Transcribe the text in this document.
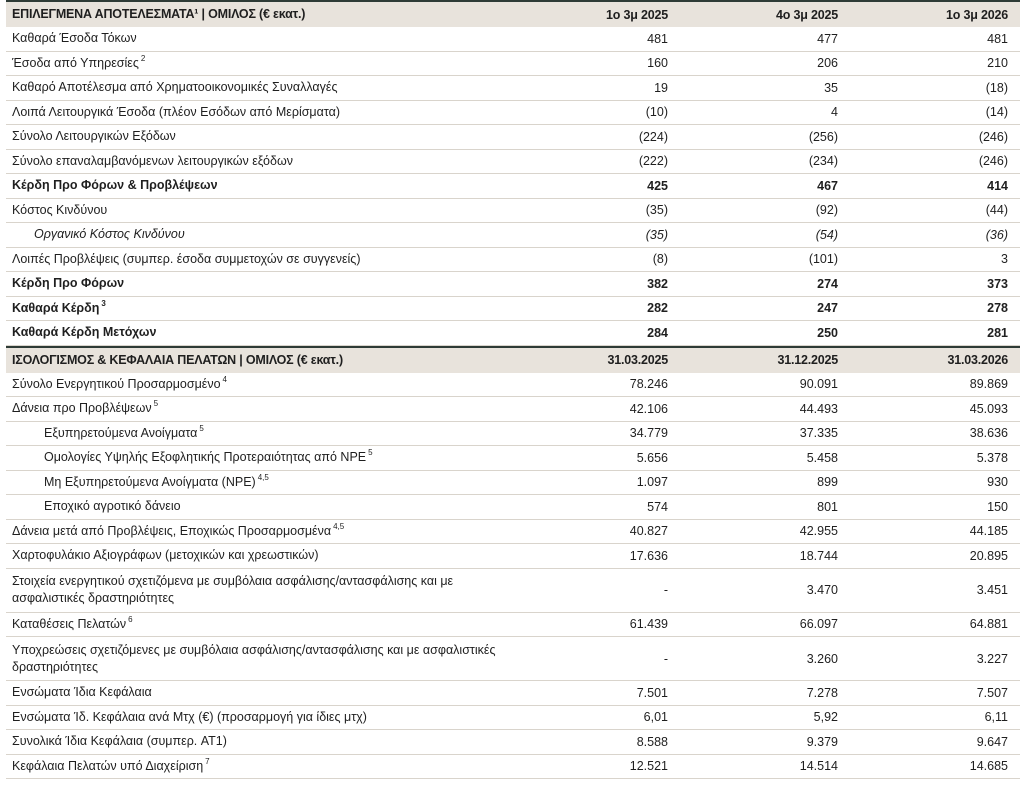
ΕΠΙΛΕΓΜΕΝΑ ΑΠΟΤΕΛΕΣΜΑΤΑ¹ | ΟΜΙΛΟΣ (€ εκατ.)	1ο 3μ 2025	4ο 3μ 2025	1ο 3μ 2026
Καθαρά Έσοδα Τόκων	481	477	481
Έσοδα από Υπηρεσίες $^2$	160	206	210
Καθαρό Αποτέλεσμα από Χρηματοοικονομικές Συναλλαγές	19	35	(18)
Λοιπά Λειτουργικά Έσοδα (πλέον Εσόδων από Μερίσματα)	(10)	4	(14)
Σύνολο Λειτουργικών Εξόδων	(224)	(256)	(246)
Σύνολο επαναλαμβανόμενων λειτουργικών εξόδων	(222)	(234)	(246)
Κέρδη Προ Φόρων & Προβλέψεων	425	467	414
Κόστος Κινδύνου	(35)	(92)	(44)
Οργανικό Κόστος Κινδύνου	(35)	(54)	(36)
Λοιπές Προβλέψεις (συμπερ. έσοδα συμμετοχών σε συγγενείς)	(8)	(101)	3
Κέρδη Προ Φόρων	382	274	373
Καθαρά Κέρδη $^3$	282	247	278
Καθαρά Κέρδη Μετόχων	284	250	281
ΙΣΟΛΟΓΙΣΜΟΣ & ΚΕΦΑΛΑΙΑ ΠΕΛΑΤΩΝ | ΟΜΙΛΟΣ (€ εκατ.)	31.03.2025	31.12.2025	31.03.2026
Σύνολο Ενεργητικού Προσαρμοσμένο $^4$	78.246	90.091	89.869
Δάνεια προ Προβλέψεων $^5$	42.106	44.493	45.093
Εξυπηρετούμενα Ανοίγματα $^5$	34.779	37.335	38.636
Ομολογίες Υψηλής Εξοφλητικής Προτεραιότητας από NPE $^5$	5.656	5.458	5.378
Μη Εξυπηρετούμενα Ανοίγματα (NPE) $^{4,5}$	1.097	899	930
Εποχικό αγροτικό δάνειο	574	801	150
Δάνεια μετά από Προβλέψεις, Εποχικώς Προσαρμοσμένα $^{4,5}$	40.827	42.955	44.185
Χαρτοφυλάκιο Αξιογράφων (μετοχικών και χρεωστικών)	17.636	18.744	20.895
Στοιχεία ενεργητικού σχετιζόμενα με συμβόλαια ασφάλισης/αντασφάλισης και με ασφαλιστικές δραστηριότητες
-	3.470	3.451
Καταθέσεις Πελατών $^6$	61.439	66.097	64.881
Υποχρεώσεις σχετιζόμενες με συμβόλαια ασφάλισης/αντασφάλισης και με ασφαλιστικές δραστηριότητες
-	3.260	3.227
Ενσώματα Ίδια Κεφάλαια	7.501	7.278	7.507
Ενσώματα Ίδ. Κεφάλαια ανά Μτχ (€) (προσαρμογή για ίδιες μτχ)	6,01	5,92	6,11
Συνολικά Ίδια Κεφάλαια (συμπερ. AT1)	8.588	9.379	9.647
Κεφάλαια Πελατών υπό Διαχείριση $^7$	12.521	14.514	14.685
